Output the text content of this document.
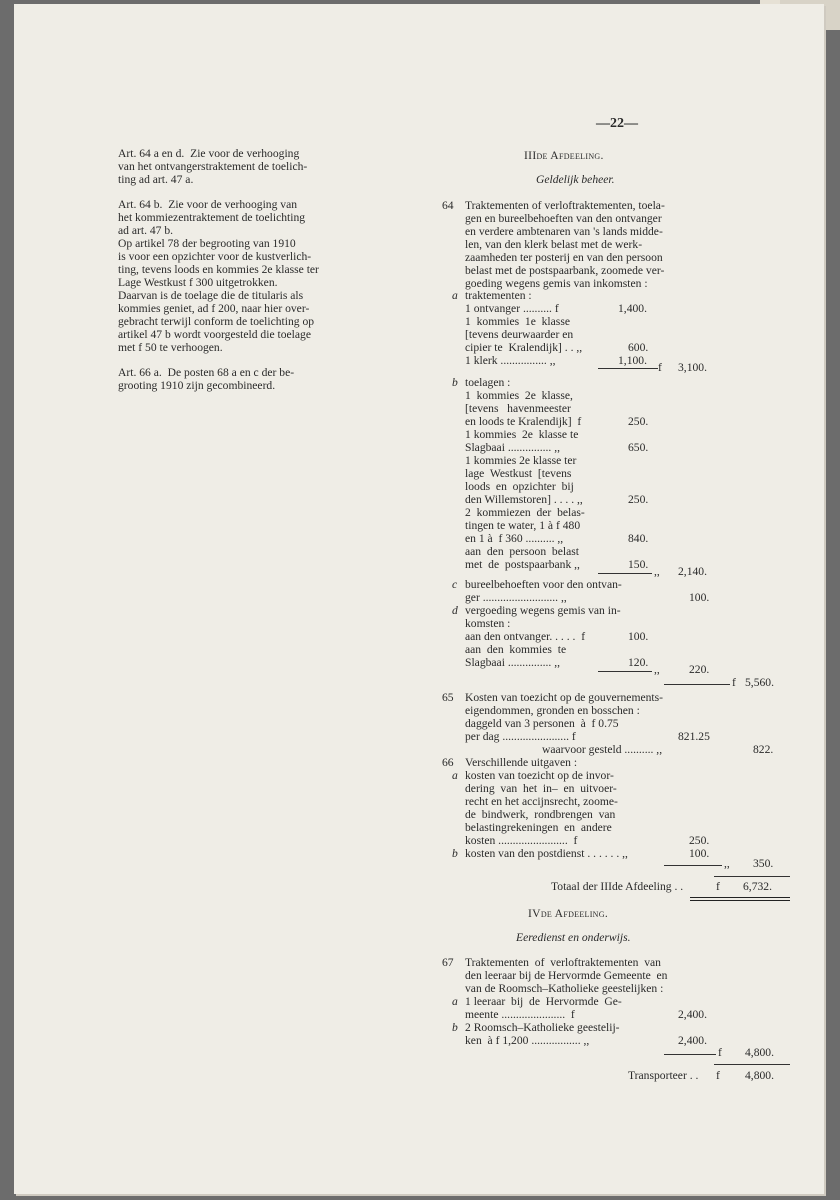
—22—
Art. 64 a en d.  Zie voor de verhooging
van het ontvangerstraktement de toelich-
ting ad art. 47 a.
Art. 64 b.  Zie voor de verhooging van
het kommiezentraktement de toelichting
ad art. 47 b.
Op artikel 78 der begrooting van 1910
is voor een opzichter voor de kustverlich-
ting, tevens loods en kommies 2e klasse ter
Lage Westkust f 300 uitgetrokken.
Daarvan is de toelage die de titularis als
kommies geniet, ad f 200, naar hier over-
gebracht terwijl conform de toelichting op
artikel 47 b wordt voorgesteld die toelage
met f 50 te verhoogen.
Art. 66 a.  De posten 68 a en c der be-
grooting 1910 zijn gecombineerd.
IIIde Afdeeling.
Geldelijk beheer.
64 Traktementen of verloftraktementen, toela-
gen en bureelbehoeften van den ontvanger
en verdere ambtenaren van 's lands midde-
len, van den klerk belast met de werk-
zaamheden ter posterij en van den persoon
belast met de postspaarbank, zoomede ver-
goeding wegens gemis van inkomsten :
a traktementen :
1 ontvanger .......... f	1,400.
1  kommies  1e  klasse
[tevens deurwaarder en
cipier te  Kralendijk] . . ,,	600.
1 klerk ................ ,,	1,100.
f 3,100.
b toelagen :
1  kommies  2e  klasse,
[tevens   havenmeester
en loods te Kralendijk]  f	250.
1 kommies  2e  klasse te
Slagbaai ............... ,,	650.
1 kommies 2e klasse ter
lage  Westkust  [tevens
loods  en  opzichter  bij
den Willemstoren] . . . . ,,	250.
2  kommiezen  der  belas-
tingen te water, 1 à f 480
en 1 à  f 360 .......... ,,	840.
aan  den  persoon  belast
met  de  postspaarbank ,,	150.
,, 2,140.
c bureelbehoeften voor den ontvan-
ger .......................... ,,	100.
d vergoeding wegens gemis van in-
komsten :
aan den ontvanger. . . . .  f	100.
aan  den  kommies  te
Slagbaai ............... ,,	120.
,,	220.
f 5,560.
65 Kosten van toezicht op de gouvernements-
eigendommen, gronden en bosschen :
daggeld van 3 personen  à  f 0.75
per dag ....................... f	821.25
waarvoor gesteld .......... ,,	822.
66 Verschillende uitgaven :
a kosten van toezicht op de invor-
dering  van  het  in–  en  uitvoer-
recht en het accijnsrecht, zoome-
de  bindwerk,  rondbrengen  van
belastingrekeningen  en  andere
kosten ........................  f	250.
b kosten van den postdienst . . . . . . ,,	100.
,, 350.
Totaal der IIIde Afdeeling . .	f 6,732.
IVde Afdeeling.
Eeredienst en onderwijs.
67 Traktementen  of  verloftraktementen  van
den leeraar bij de Hervormde Gemeente  en
van de Roomsch–Katholieke geestelijken :
a 1 leeraar  bij  de  Hervormde  Ge-
meente ......................  f	2,400.
b 2 Roomsch–Katholieke geestelij-
ken  à f 1,200 ................. ,,	2,400.
f 4,800.
Transporteer . . f 4,800.
